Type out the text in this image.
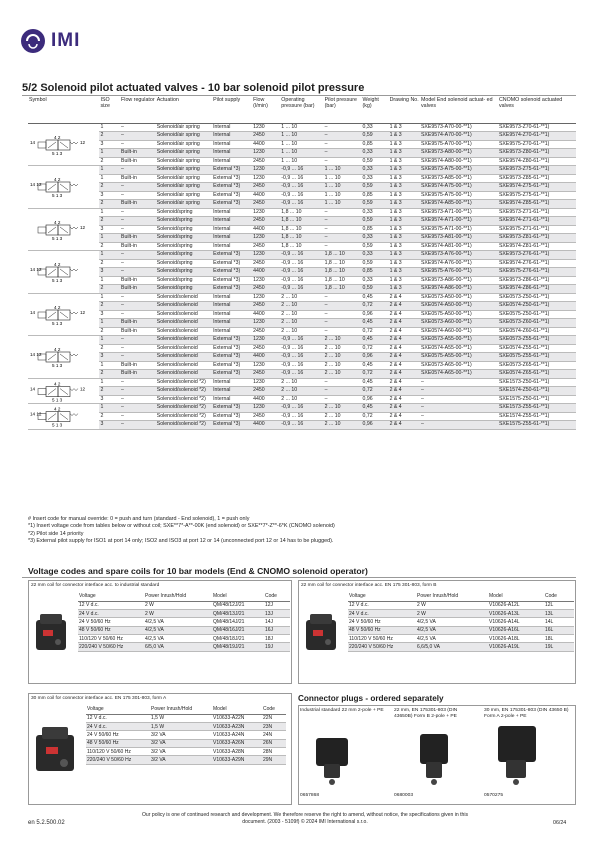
IMI
5/2 Solenoid pilot actuated valves - 10 bar solenoid pilot pressure
Symbol	ISO size	Flow regulator	Actuation	Pilot supply	Flow (l/min)	Operating pressure (bar)	Pilot pressure (bar)	Weight (kg)	Drawing No.	Model End solenoid actuat- ed valves	CNOMO solenoid actuated valves

14
4 2
12
5 1 3	1	–	Solenoid/air spring	Internal	1230	1 ... 10	–	0,33	1 & 3	SXE9573-A70-00-**1)	SXE9573-Z70-61-**1)
	2	–	Solenoid/air spring	Internal	2450	1 ... 10	–	0,59	1 & 3	SXE9574-A70-00-**1)	SXE9574-Z70-61-**1)
	3	–	Solenoid/air spring	Internal	4400	1 ... 10	–	0,85	1 & 3	SXE9575-A70-00-**1)	SXE9575-Z70-61-**1)
	1	Built-in	Solenoid/air spring	Internal	1230	1 ... 10	–	0,33	1 & 3	SXE9573-A80-00-**1)	SXE9573-Z80-61-**1)
	2	Built-in	Solenoid/air spring	Internal	2450	1 ... 10	–	0,59	1 & 3	SXE9574-A80-00-**1)	SXE9574-Z80-61-**1)

14 12
4 2
5 1 3	1	–	Solenoid/air spring	External *3)	1230	-0,9 ... 16	1 ... 10	0,33	1 & 3	SXE9573-A75-00-**1)	SXE9573-Z75-61-**1)
	1	Built-in	Solenoid/air spring	External *3)	1230	-0,9 ... 16	1 ... 10	0,33	1 & 3	SXE9573-A85-00-**1)	SXE9573-Z85-61-**1)
	2	–	Solenoid/air spring	External *3)	2450	-0,9 ... 16	1 ... 10	0,59	1 & 3	SXE9574-A75-00-**1)	SXE9574-Z75-61-**1)
	3	–	Solenoid/air spring	External *3)	4400	-0,9 ... 16	1 ... 10	0,85	1 & 3	SXE9575-A75-00-**1)	SXE9575-Z75-61-**1)
	2	Built-in	Solenoid/air spring	External *3)	2450	-0,9 ... 16	1 ... 10	0,59	1 & 3	SXE9574-A85-00-**1)	SXE9574-Z85-61-**1)

4 2
12
5 1 3	1	–	Solenoid/spring	Internal	1230	1,8 ... 10	–	0,33	1 & 3	SXE9573-A71-00-**1)	SXE9573-Z71-61-**1)
	2	–	Solenoid/spring	Internal	2450	1,8 ... 10	–	0,59	1 & 3	SXE9574-A71-00-**1)	SXE9574-Z71-61-**1)
	3	–	Solenoid/spring	Internal	4400	1,8 ... 10	–	0,85	1 & 3	SXE9575-A71-00-**1)	SXE9575-Z71-61-**1)
	1	Built-in	Solenoid/spring	Internal	1230	1,8 ... 10	–	0,33	1 & 3	SXE9573-A81-00-**1)	SXE9573-Z81-61-**1)
	2	Built-in	Solenoid/spring	Internal	2450	1,8 ... 10	–	0,59	1 & 3	SXE9574-A81-00-**1)	SXE9574-Z81-61-**1)

14 12
4 2
5 1 3	1	–	Solenoid/spring	External *3)	1230	-0,9 ... 16	1,8 ... 10	0,33	1 & 3	SXE9573-A76-00-**1)	SXE9573-Z76-61-**1)
	2	–	Solenoid/spring	External *3)	2450	-0,9 ... 16	1,8 ... 10	0,59	1 & 3	SXE9574-A76-00-**1)	SXE9574-Z76-61-**1)
	3	–	Solenoid/spring	External *3)	4400	-0,9 ... 16	1,8 ... 10	0,85	1 & 3	SXE9575-A76-00-**1)	SXE9575-Z76-61-**1)
	1	Built-in	Solenoid/spring	External *3)	1230	-0,9 ... 16	1,8 ... 10	0,33	1 & 3	SXE9573-A86-00-**1)	SXE9573-Z86-61-**1)
	2	Built-in	Solenoid/spring	External *3)	2450	-0,9 ... 16	1,8 ... 10	0,59	1 & 3	SXE9574-A86-00-**1)	SXE9574-Z86-61-**1)

14
4 2
12
5 1 3	1	–	Solenoid/solenoid	Internal	1230	2 ... 10	–	0,45	2 & 4	SXE0573-A50-00-**1)	SXE0573-Z50-61-**1)
	2	–	Solenoid/solenoid	Internal	2450	2 ... 10	–	0,72	2 & 4	SXE0574-A50-00-**1)	SXE0574-Z50-61-**1)
	3	–	Solenoid/solenoid	Internal	4400	2 ... 10	–	0,96	2 & 4	SXE0575-A50-00-**1)	SXE0575-Z50-61-**1)
	1	Built-in	Solenoid/solenoid	Internal	1230	2 ... 10	–	0,45	2 & 4	SXE0573-A60-00-**1)	SXE0573-Z60-61-**1)
	2	Built-in	Solenoid/solenoid	Internal	2450	2 ... 10	–	0,72	2 & 4	SXE0574-A60-00-**1)	SXE0574-Z60-61-**1)

14 12
4 2
5 1 3	1	–	Solenoid/solenoid	External *3)	1230	-0,9 ... 16	2 ... 10	0,45	2 & 4	SXE0573-A55-00-**1)	SXE0573-Z55-61-**1)
	2	–	Solenoid/solenoid	External *3)	2450	-0,9 ... 16	2 ... 10	0,72	2 & 4	SXE0574-A55-00-**1)	SXE0574-Z55-61-**1)
	3	–	Solenoid/solenoid	External *3)	4400	-0,9 ... 16	2 ... 10	0,96	2 & 4	SXE0575-A55-00-**1)	SXE0575-Z55-61-**1)
	1	Built-in	Solenoid/solenoid	External *3)	1230	-0,9 ... 16	2 ... 10	0,45	2 & 4	SXE0573-A65-00-**1)	SXE0573-Z65-61-**1)
	2	Built-in	Solenoid/solenoid	External *3)	2450	-0,9 ... 16	2 ... 10	0,72	2 & 4	SXE0574-A65-00-**1)	SXE0574-Z65-61-**1)

14
4 2
12
5 1 3	1	–	Solenoid/solenoid *2)	Internal	1230	2 ... 10	–	0,45	2 & 4	–	SXE1573-Z50-61-**1)
	2	–	Solenoid/solenoid *2)	Internal	2450	2 ... 10	–	0,72	2 & 4	–	SXE1574-Z50-61-**1)
	3	–	Solenoid/solenoid *2)	Internal	4400	2 ... 10	–	0,96	2 & 4	–	SXE1575-Z50-61-**1)

14 12
4 2
5 1 3	1	–	Solenoid/solenoid *2)	External *3)	1230	-0,9 ... 16	2 ... 10	0,45	2 & 4	–	SXE1573-Z55-61-**1)
	2	–	Solenoid/solenoid *2)	External *3)	2450	-0,9 ... 16	2 ... 10	0,72	2 & 4	–	SXE1574-Z55-61-**1)
	3	–	Solenoid/solenoid *2)	External *3)	4400	-0,9 ... 16	2 ... 10	0,96	2 & 4	–	SXE1575-Z55-61-**1)
# Insert code for manual override: 0 = push and turn (standard - End solenoid), 1 = push only
*1) Insert voltage code from tables below or without coil; SXE**7*-A**-00K (end solenoid) or SXE**7*-Z**-6*K (CNOMO solenoid)
*2) Pilot side 14 priority
*3) External pilot supply for ISO1 at port 14 only; ISO2 and ISO3 at port 12 or 14 (unconnected port 12 or 14 has to be plugged).
Voltage codes and spare coils for 10 bar models (End & CNOMO solenoid operator)
22 mm coil for connector interface acc. to industrial standard	22 mm coil for connector interface acc. EN 175 301-803, form B
30 mm coil for connector interface acc. EN 175 301-803, form A
Voltage	Power Inrush/Hold	Model	Code
12 V d.c.	2 W	QM/48/12J/21	12J
24 V d.c.	2 W	QM/48/13J/21	13J
24 V 50/60 Hz	4/2,5 VA	QM/48/14J/21	14J
48 V 50/60 Hz	4/2,5 VA	QM/48/16J/21	16J
110/120 V 50/60 Hz	4/2,5 VA	QM/48/18J/21	18J
220/240 V 50/60 Hz	6/5,0 VA	QM/48/19J/21	19J
Voltage	Power Inrush/Hold	Model	Code
12 V d.c.	2 W	V10626-A12L	12L
24 V d.c.	2 W	V10626-A13L	13L
24 V 50/60 Hz	4/2,5 VA	V10626-A14L	14L
48 V 50/60 Hz	4/2,5 VA	V10626-A16L	16L
110/120 V 50/60 Hz	4/2,5 VA	V10626-A18L	18L
220/240 V 50/60 Hz	6,6/5,0 VA	V10626-A19L	19L
Voltage	Power Inrush/Hold	Model	Code
12 V d.c.	1,5 W	V10633-A22N	22N
24 V d.c.	1,5 W	V10633-A23N	23N
24 V 50/60 Hz	3/2 VA	V10633-A24N	24N
48 V 50/60 Hz	3/2 VA	V10633-A26N	26N
110/120 V 50/60 Hz	3/2 VA	V10633-A28N	28N
220/240 V 50/60 Hz	3/2 VA	V10633-A29N	29N
Connector plugs - ordered separately
Industrial standard 22 mm 2-pole + PE 22 mm, EN 175301-803 (DIN 43650B) Form B 2-pole + PE
30 mm, EN 175301-803 (DIN 43650 B) Form A 2-pole + PE
0657868	0680003	0570275
en 5.2.500.02
Our policy is one of continued research and development. We therefore reserve the right to amend, without notice, the specifications given in this document. (2003 - 5109f) © 2024 IMI International s.r.o.	06/24
